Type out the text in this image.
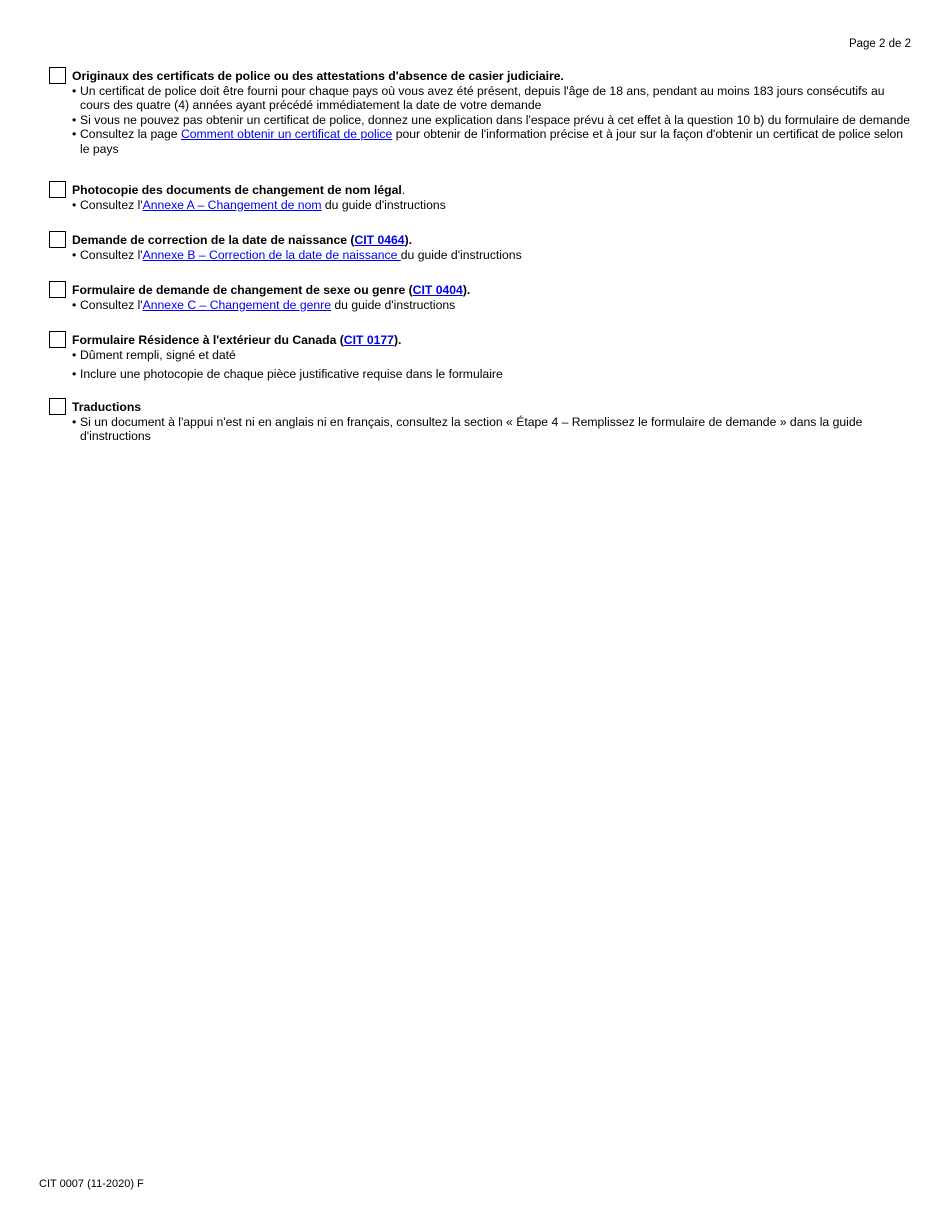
Page 2 de 2
Originaux des certificats de police ou des attestations d'absence de casier judiciaire.
• Un certificat de police doit être fourni pour chaque pays où vous avez été présent, depuis l'âge de 18 ans, pendant au moins 183 jours consécutifs au cours des quatre (4) années ayant précédé immédiatement la date de votre demande
• Si vous ne pouvez pas obtenir un certificat de police, donnez une explication dans l'espace prévu à cet effet à la question 10 b) du formulaire de demande
• Consultez la page Comment obtenir un certificat de police pour obtenir de l'information précise et à jour sur la façon d'obtenir un certificat de police selon le pays
Photocopie des documents de changement de nom légal.
• Consultez l'Annexe A – Changement de nom du guide d'instructions
Demande de correction de la date de naissance (CIT 0464).
• Consultez l'Annexe B – Correction de la date de naissance du guide d'instructions
Formulaire de demande de changement de sexe ou genre (CIT 0404).
• Consultez l'Annexe C – Changement de genre du guide d'instructions
Formulaire Résidence à l'extérieur du Canada (CIT 0177).
• Dûment rempli, signé et daté
• Inclure une photocopie de chaque pièce justificative requise dans le formulaire
Traductions
• Si un document à l'appui n'est ni en anglais ni en français, consultez la section « Étape 4 – Remplissez le formulaire de demande » dans la guide d'instructions
CIT 0007 (11-2020) F
